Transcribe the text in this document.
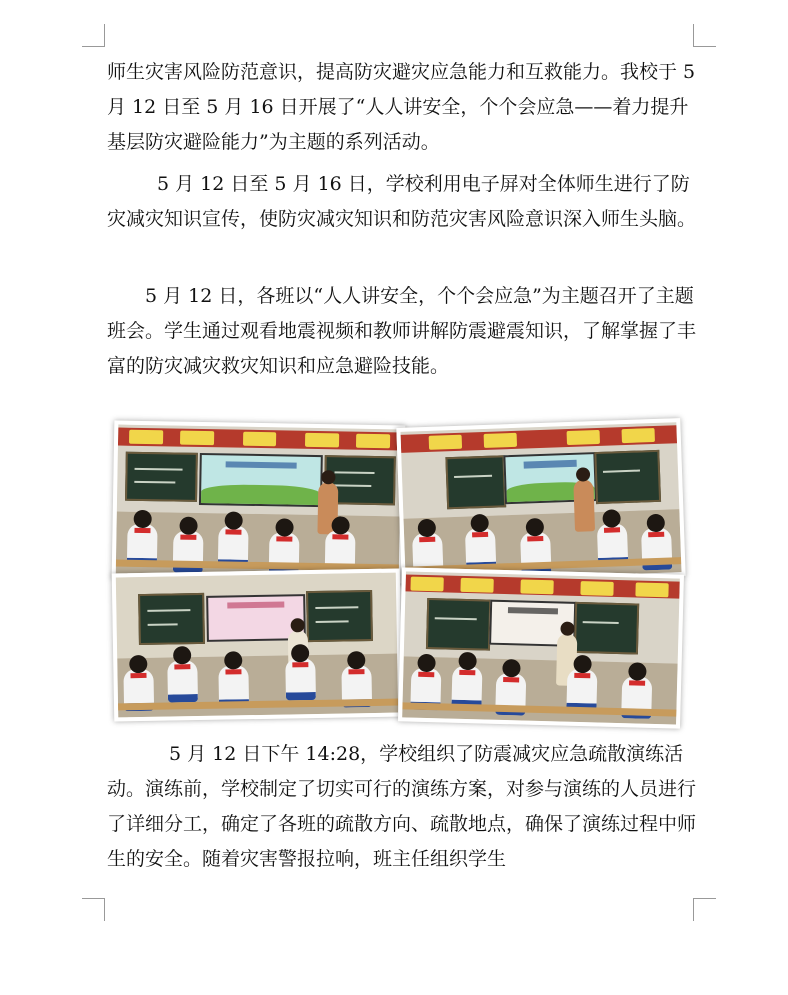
师生灾害风险防范意识，提高防灾避灾应急能力和互救能力。我校于 5 月 12 日至 5 月 16 日开展了“人人讲安全，个个会应急——着力提升基层防灾避险能力”为主题的系列活动。

5 月 12 日至 5 月 16 日，学校利用电子屏对全体师生进行了防灾减灾知识宣传，使防灾减灾知识和防范灾害风险意识深入师生头脑。

5 月 12 日，各班以“人人讲安全，个个会应急”为主题召开了主题班会。学生通过观看地震视频和教师讲解防震避震知识，了解掌握了丰富的防灾减灾救灾知识和应急避险技能。

5 月 12 日下午 14:28，学校组织了防震减灾应急疏散演练活动。演练前，学校制定了切实可行的演练方案，对参与演练的人员进行了详细分工，确定了各班的疏散方向、疏散地点，确保了演练过程中师生的安全。随着灾害警报拉响，班主任组织学生
